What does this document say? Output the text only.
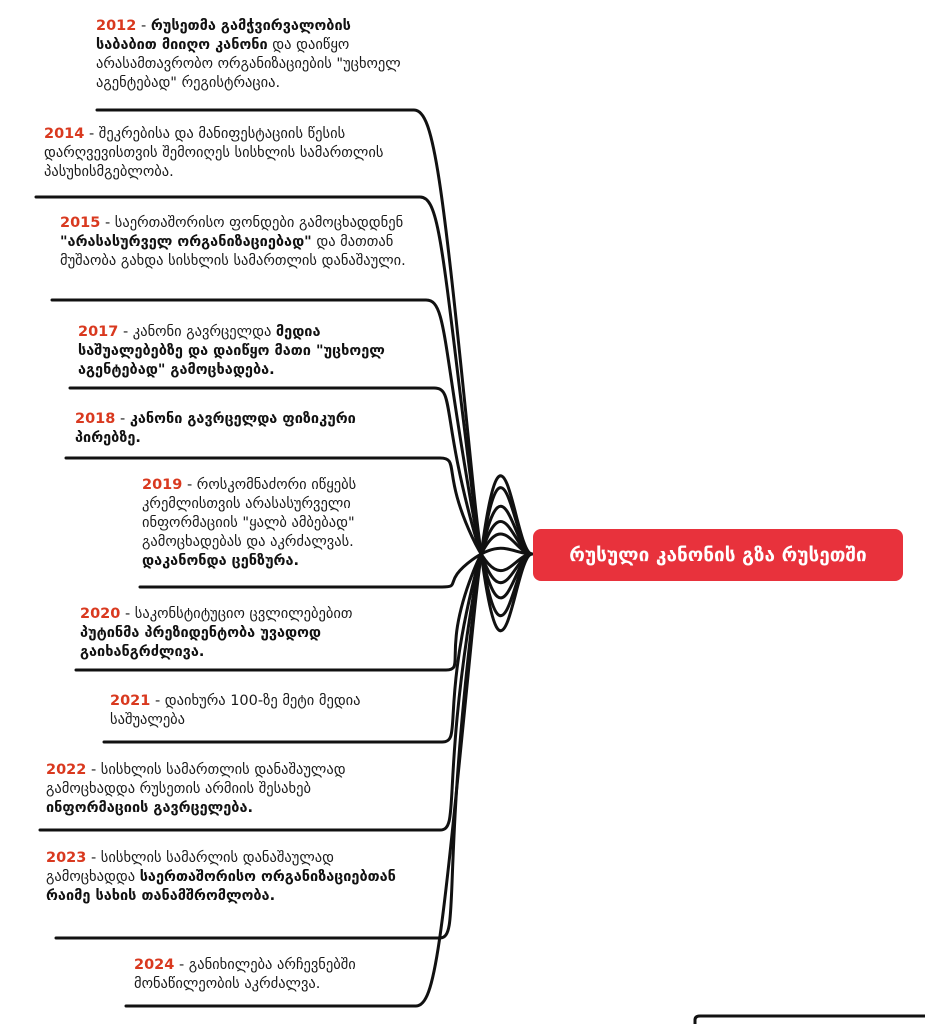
2012 - რუსეთმა გამჭვირვალობის საბაბით მიიღო კანონი და დაიწყო არასამთავრობო ორგანიზაციების "უცხოელ აგენტებად" რეგისტრაცია.
2014 - შეკრებისა და მანიფესტაციის წესის დარღვევისთვის შემოიღეს სისხლის სამართლის პასუხისმგებლობა.
2015 - საერთაშორისო ფონდები გამოცხადდნენ "არასასურველ ორგანიზაციებად" და მათთან მუშაობა გახდა სისხლის სამართლის დანაშაული.
2017 - კანონი გავრცელდა მედია საშუალებებზე და დაიწყო მათი "უცხოელ აგენტებად" გამოცხადება.
2018 - კანონი გავრცელდა ფიზიკური პირებზე.
2019 - როსკომნაძორი იწყებს კრემლისთვის არასასურველი ინფორმაციის "ყალბ ამბებად" გამოცხადებას და აკრძალვას. დაკანონდა ცენზურა.
2020 - საკონსტიტუციო ცვლილებებით პუტინმა პრეზიდენტობა უვადოდ გაიხანგრძლივა.
2021 - დაიხურა 100-ზე მეტი მედია საშუალება
2022 - სისხლის სამართლის დანაშაულად გამოცხადდა რუსეთის არმიის შესახებ ინფორმაციის გავრცელება.
2023 - სისხლის სამარლის დანაშაულად გამოცხადდა საერთაშორისო ორგანიზაციებთან რაიმე სახის თანამშრომლობა.
2024 - განიხილება არჩევნებში მონაწილეობის აკრძალვა.
რუსული კანონის გზა რუსეთში
